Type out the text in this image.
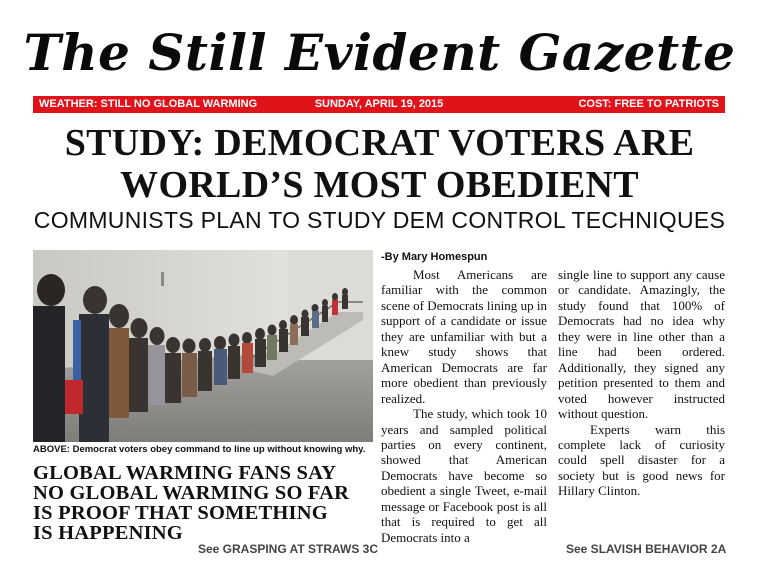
The Still Evident Gazette
SUNDAY, APRIL 19, 2015
WEATHER: STILL NO GLOBAL WARMING	COST: FREE TO PATRIOTS
STUDY: DEMOCRAT VOTERS ARE
WORLD’S MOST OBEDIENT
COMMUNISTS PLAN TO STUDY DEM CONTROL TECHNIQUES
ABOVE: Democrat voters obey command to line up without knowing why.
GLOBAL WARMING FANS SAY
NO GLOBAL WARMING SO FAR
IS PROOF THAT SOMETHING
IS HAPPENING
See GRASPING AT STRAWS 3C
-By Mary Homespun

Most Americans are familiar with the common scene of Democrats lining up in support of a candidate or issue they are unfamiliar with but a knew study shows that American Democrats are far more obedient than previously realized.

The study, which took 10 years and sampled political parties on every continent, showed that American Democrats have become so obedient a single Tweet, e-mail message or Facebook post is all that is required to get all Democrats into a

single line to support any cause or candidate. Amazingly, the study found that 100% of Democrats had no idea why they were in line other than a line had been ordered. Additionally, they signed any petition presented to them and voted however instructed without question.

Experts warn this complete lack of curiosity could spell disaster for a society but is good news for Hillary Clinton.

See SLAVISH BEHAVIOR 2A
